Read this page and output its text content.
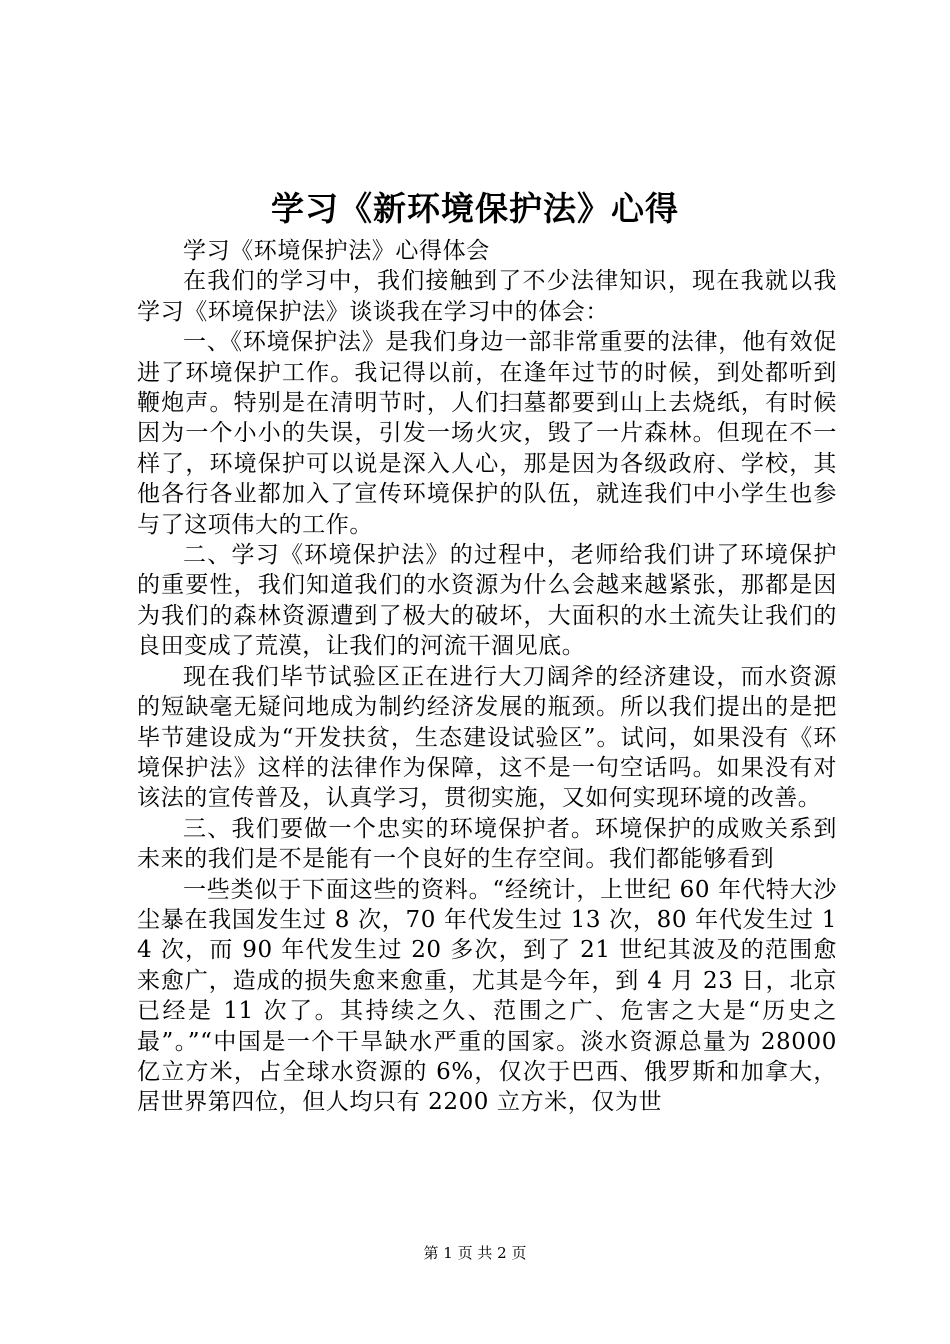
学习《新环境保护法》心得

学习《环境保护法》心得体会

在我们的学习中，我们接触到了不少法律知识，现在我就以我学习《环境保护法》谈谈我在学习中的体会：

一、《环境保护法》是我们身边一部非常重要的法律，他有效促进了环境保护工作。我记得以前，在逢年过节的时候，到处都听到鞭炮声。特别是在清明节时，人们扫墓都要到山上去烧纸，有时候因为一个小小的失误，引发一场火灾，毁了一片森林。但现在不一样了，环境保护可以说是深入人心，那是因为各级政府、学校，其他各行各业都加入了宣传环境保护的队伍，就连我们中小学生也参与了这项伟大的工作。

二、学习《环境保护法》的过程中，老师给我们讲了环境保护的重要性，我们知道我们的水资源为什么会越来越紧张，那都是因为我们的森林资源遭到了极大的破坏，大面积的水土流失让我们的良田变成了荒漠，让我们的河流干涸见底。

现在我们毕节试验区正在进行大刀阔斧的经济建设，而水资源的短缺毫无疑问地成为制约经济发展的瓶颈。所以我们提出的是把毕节建设成为“开发扶贫，生态建设试验区”。试问，如果没有《环境保护法》这样的法律作为保障，这不是一句空话吗。如果没有对该法的宣传普及，认真学习，贯彻实施，又如何实现环境的改善。

三、我们要做一个忠实的环境保护者。环境保护的成败关系到未来的我们是不是能有一个良好的生存空间。我们都能够看到

一些类似于下面这些的资料。“经统计，上世纪 60 年代特大沙尘暴在我国发生过 8 次，70 年代发生过 13 次，80 年代发生过 14 次，而 90 年代发生过 20 多次，到了 21 世纪其波及的范围愈来愈广，造成的损失愈来愈重，尤其是今年，到 4 月 23 日，北京已经是 11 次了。其持续之久、范围之广、危害之大是“历史之最”。”“中国是一个干旱缺水严重的国家。淡水资源总量为 28000 亿立方米，占全球水资源的 6%，仅次于巴西、俄罗斯和加拿大，居世界第四位，但人均只有 2200 立方米，仅为世

第 1 页 共 2 页
